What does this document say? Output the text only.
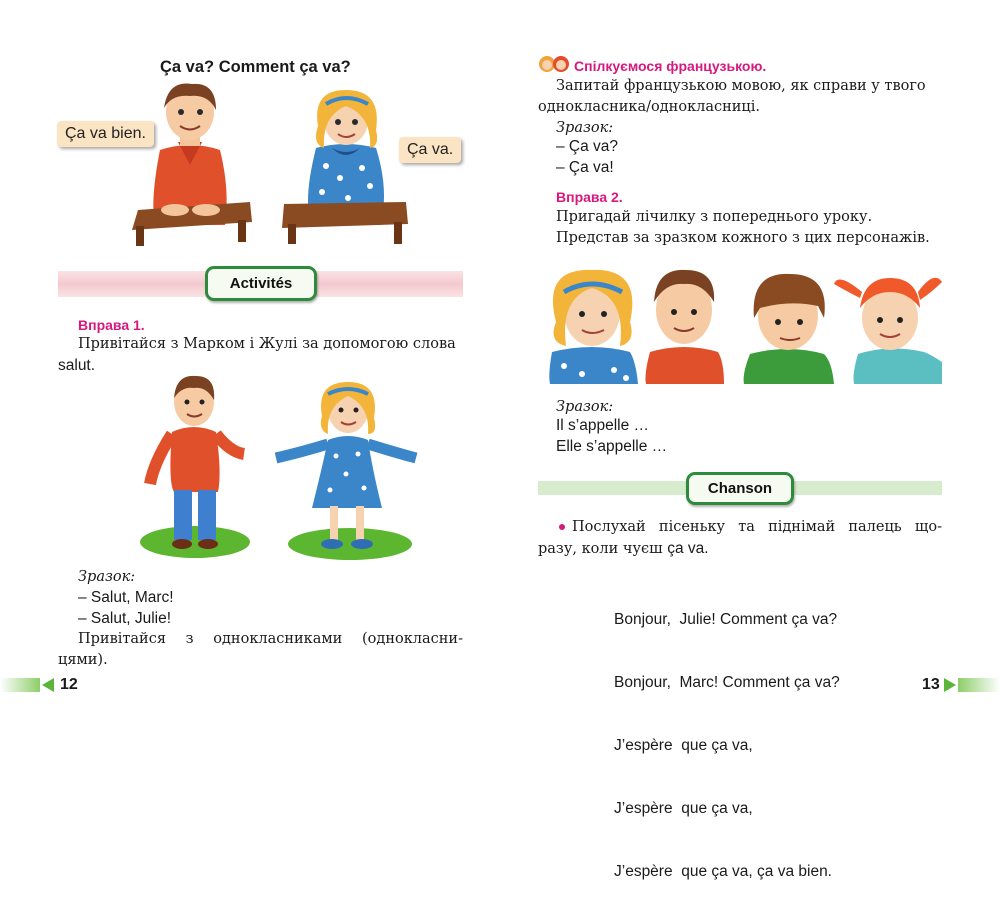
Ça va? Comment ça va?
Ça va bien.
Ça va.
Activités
Вправа 1.
Привітайся з Марком і Жулі за допомогою слова
salut.
Зразок:
– Salut, Marc!
– Salut, Julie!
Привітайся з однокласниками (однокласни-
цями).
12
Спілкуємося французькою.
Запитай французькою мовою, як справи у твого
однокласника/однокласниці.
Зразок:
– Ça va?
– Ça va!
Вправа 2.
Пригадай лічилку з попереднього уроку.
Представ за зразком кожного з цих персонажів.
Зразок:
Il s’appelle …
Elle s’appelle …
Chanson
Послухай пісеньку та піднімай палець що-
разу, коли чуєш ça va.

Bonjour,  Julie! Comment ça va?

Bonjour,  Marc! Comment ça va?

J’espère  que ça va,

J’espère  que ça va,

J’espère  que ça va, ça va bien.

13
